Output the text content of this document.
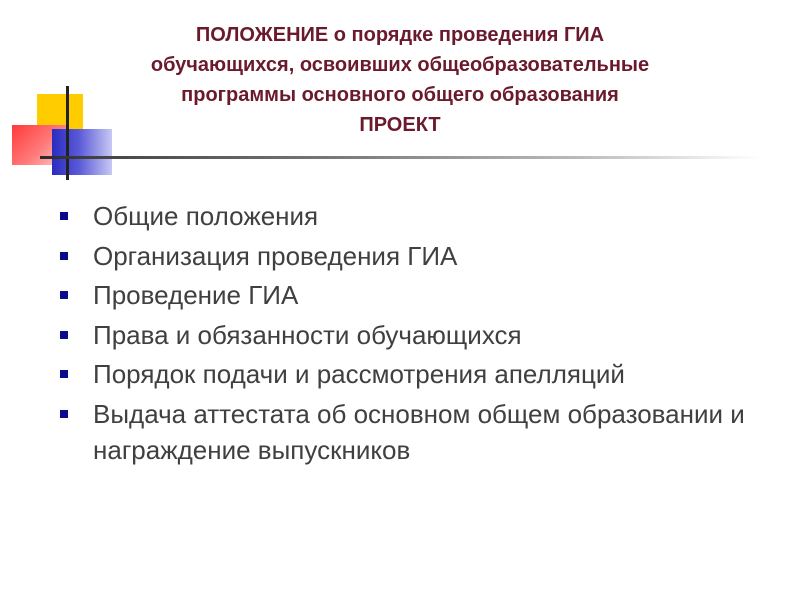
ПОЛОЖЕНИЕ о порядке проведения ГИА
обучающихся, освоивших общеобразовательные
программы основного общего образования
ПРОЕКТ
Общие положения
Организация проведения ГИА
Проведение ГИА
Права и обязанности обучающихся
Порядок подачи и рассмотрения апелляций
Выдача аттестата об основном общем образовании и награждение выпускников
